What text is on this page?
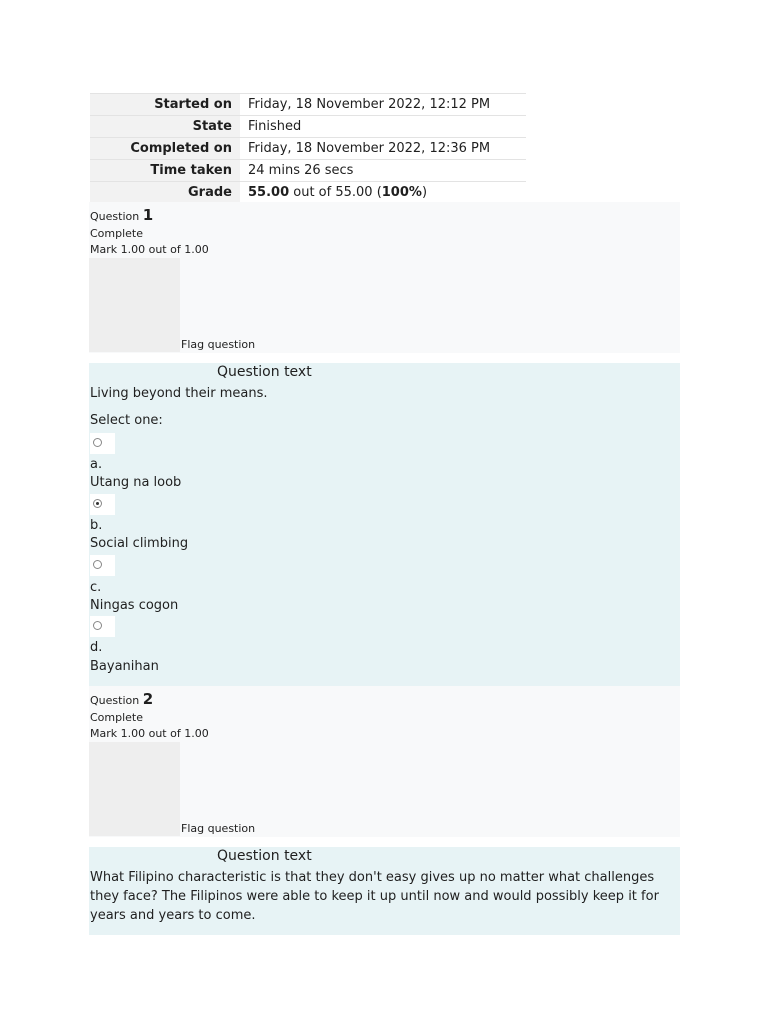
Started on	Friday, 18 November 2022, 12:12 PM
State	Finished
Completed on	Friday, 18 November 2022, 12:36 PM
Time taken	24 mins 26 secs
Grade	55.00 out of 55.00 (100%)
Question 1
Complete
Mark 1.00 out of 1.00
Flag question
Question text
Living beyond their means.
Select one:
a.
Utang na loob
b.
Social climbing
c.
Ningas cogon
d.
Bayanihan
Question 2
Complete
Mark 1.00 out of 1.00
Flag question
Question text
What Filipino characteristic is that they don't easy gives up no matter what challenges they face? The Filipinos were able to keep it up until now and would possibly keep it for years and years to come.
